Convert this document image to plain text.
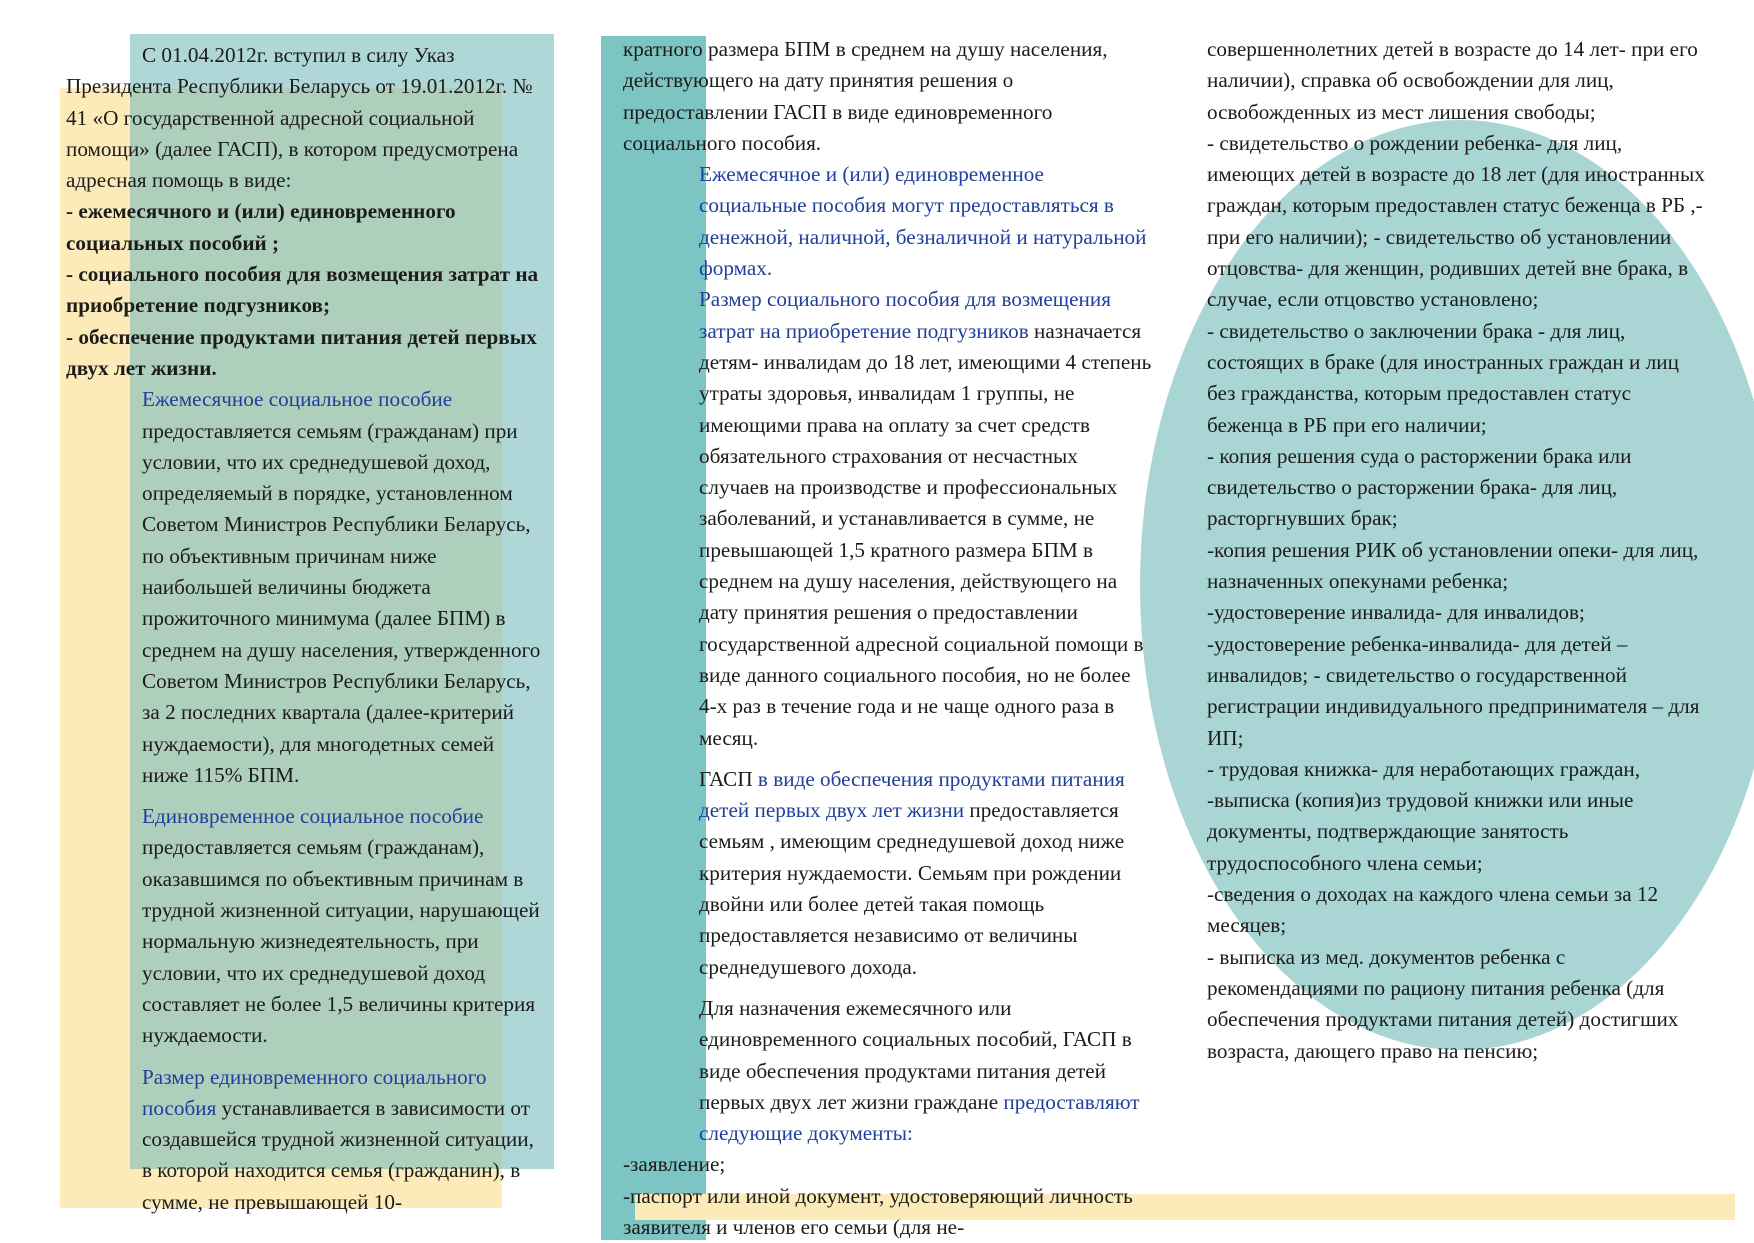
С 01.04.2012г. вступил в силу Указ
Президента Республики Беларусь от 19.01.2012г. № 41 «О государственной адресной социальной помощи» (далее ГАСП), в котором предусмотрена адресная помощь в виде:

- ежемесячного и (или) единовременного социальных пособий ;

- социального пособия для возмещения затрат на приобретение подгузников;

- обеспечение продуктами питания детей первых двух лет жизни.

Ежемесячное социальное пособие предоставляется семьям (гражданам) при условии, что их среднедушевой доход, определяемый в порядке, установленном Советом Министров Республики Беларусь, по объективным причинам ниже наибольшей величины бюджета прожиточного минимума (далее БПМ) в среднем на душу населения, утвержденного Советом Министров Республики Беларусь, за 2 последних квартала (далее-критерий нуждаемости), для многодетных семей ниже 115% БПМ.

Единовременное социальное пособие предоставляется семьям (гражданам), оказавшимся по объективным причинам в трудной жизненной ситуации, нарушающей нормальную жизнедеятельность, при условии, что их среднедушевой доход составляет не более 1,5 величины критерия нуждаемости.

Размер единовременного социального пособия устанавливается в зависимости от создавшейся трудной жизненной ситуации, в которой находится семья (гражданин), в сумме, не превышающей 10-

кратного размера БПМ в среднем на душу населения, действующего на дату принятия решения о предоставлении ГАСП в виде единовременного социального пособия.

Ежемесячное и (или) единовременное социальные пособия могут предоставляться в денежной, наличной, безналичной и натуральной формах.

Размер социального пособия для возмещения затрат на приобретение подгузников назначается детям- инвалидам до 18 лет, имеющими 4 степень утраты здоровья, инвалидам 1 группы, не имеющими права на оплату за счет средств обязательного страхования от несчастных случаев на производстве и профессиональных заболеваний, и устанавливается в сумме, не превышающей 1,5 кратного размера БПМ в среднем на душу населения, действующего на дату принятия решения о предоставлении государственной адресной социальной помощи в виде данного социального пособия, но не более 4-х раз в течение года и не чаще одного раза в месяц.

ГАСП в виде обеспечения продуктами питания детей первых двух лет жизни предоставляется семьям , имеющим среднедушевой доход ниже критерия нуждаемости. Семьям при рождении двойни или более детей такая помощь предоставляется независимо от величины среднедушевого дохода.

Для назначения ежемесячного или единовременного социальных пособий, ГАСП в виде обеспечения продуктами питания детей первых двух лет жизни граждане предоставляют следующие документы:

-заявление;

-паспорт или иной документ, удостоверяющий личность заявителя и членов его семьи (для не-

совершеннолетних детей в возрасте до 14 лет- при его наличии), справка об освобождении для лиц, освобожденных из мест лишения свободы;

- свидетельство о рождении ребенка- для лиц, имеющих детей в возрасте до 18 лет (для иностранных граждан, которым предоставлен статус беженца в РБ ,- при его наличии); - свидетельство об установлении отцовства- для женщин, родивших детей вне брака, в случае, если отцовство установлено;

- свидетельство о заключении брака - для лиц, состоящих в браке (для иностранных граждан и лиц без гражданства, которым предоставлен статус беженца в РБ при его наличии;

- копия решения суда о расторжении брака или свидетельство о расторжении брака- для лиц, расторгнувших брак;

-копия решения РИК об установлении опеки- для лиц, назначенных опекунами ребенка;

-удостоверение инвалида- для инвалидов;

-удостоверение ребенка-инвалида- для детей –инвалидов; - свидетельство о государственной регистрации индивидуального предпринимателя – для ИП;

- трудовая книжка- для неработающих граждан, -выписка (копия)из трудовой книжки или иные документы, подтверждающие занятость трудоспособного члена семьи;

-сведения о доходах на каждого члена семьи за 12 месяцев;

- выписка из мед. документов ребенка с рекомендациями по рациону питания ребенка (для обеспечения продуктами питания детей) достигших возраста, дающего право на пенсию;
